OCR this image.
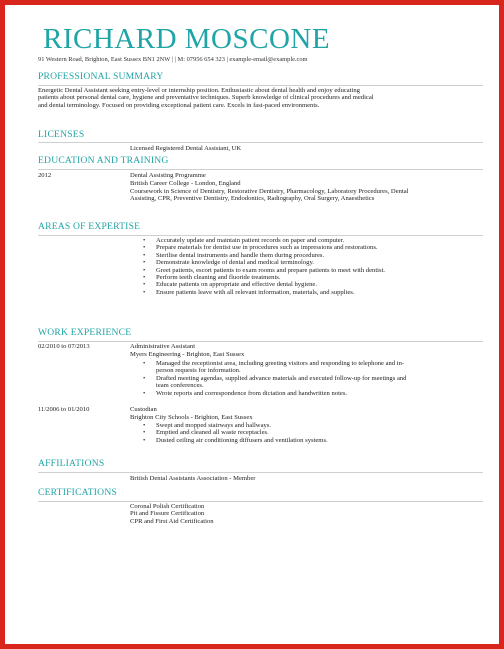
RICHARD MOSCONE
91 Western Road, Brighton, East Sussex BN1 2NW | | M: 07956 654 323 | example-email@example.com
PROFESSIONAL SUMMARY
Energetic Dental Assistant seeking entry-level or internship position. Enthusiastic about dental health and enjoy educating patients about personal dental care, hygiene and preventative techniques. Superb knowledge of clinical procedures and medical and dental terminology. Focused on providing exceptional patient care. Excels in fast-paced environments.
LICENSES
Licensed Registered Dental Assistant, UK
EDUCATION AND TRAINING
2012	Dental Assisting Programme
British Career College - London, England
Coursework in Science of Dentistry, Restorative Dentistry, Pharmacology, Laboratory Procedures, Dental Assisting, CPR, Preventive Dentistry, Endodontics, Radiography, Oral Surgery, Anaesthetics
AREAS OF EXPERTISE
• Accurately update and maintain patient records on paper and computer.
• Prepare materials for dentist use in procedures such as impressions and restorations.
• Sterilise dental instruments and handle them during procedures.
• Demonstrate knowledge of dental and medical terminology.
• Greet patients, escort patients to exam rooms and prepare patients to meet with dentist.
• Perform teeth cleaning and fluoride treatments.
• Educate patients on appropriate and effective dental hygiene.
• Ensure patients leave with all relevant information, materials, and supplies.
WORK EXPERIENCE
02/2010 to 07/2013	Administrative Assistant
Myers Engineering - Brighton, East Sussex
• Managed the receptionist area, including greeting visitors and responding to telephone and in-person requests for information.
• Drafted meeting agendas, supplied advance materials and executed follow-up for meetings and team conferences.
• Wrote reports and correspondence from dictation and handwritten notes.
11/2006 to 01/2010	Custodian
Brighton City Schools - Brighton, East Sussex
• Swept and mopped stairways and hallways.
• Emptied and cleaned all waste receptacles.
• Dusted ceiling air conditioning diffusers and ventilation systems.
AFFILIATIONS
British Dental Assistants Association - Member
CERTIFICATIONS
Coronal Polish Certification
Pit and Fissure Certification
CPR and First Aid Certification
